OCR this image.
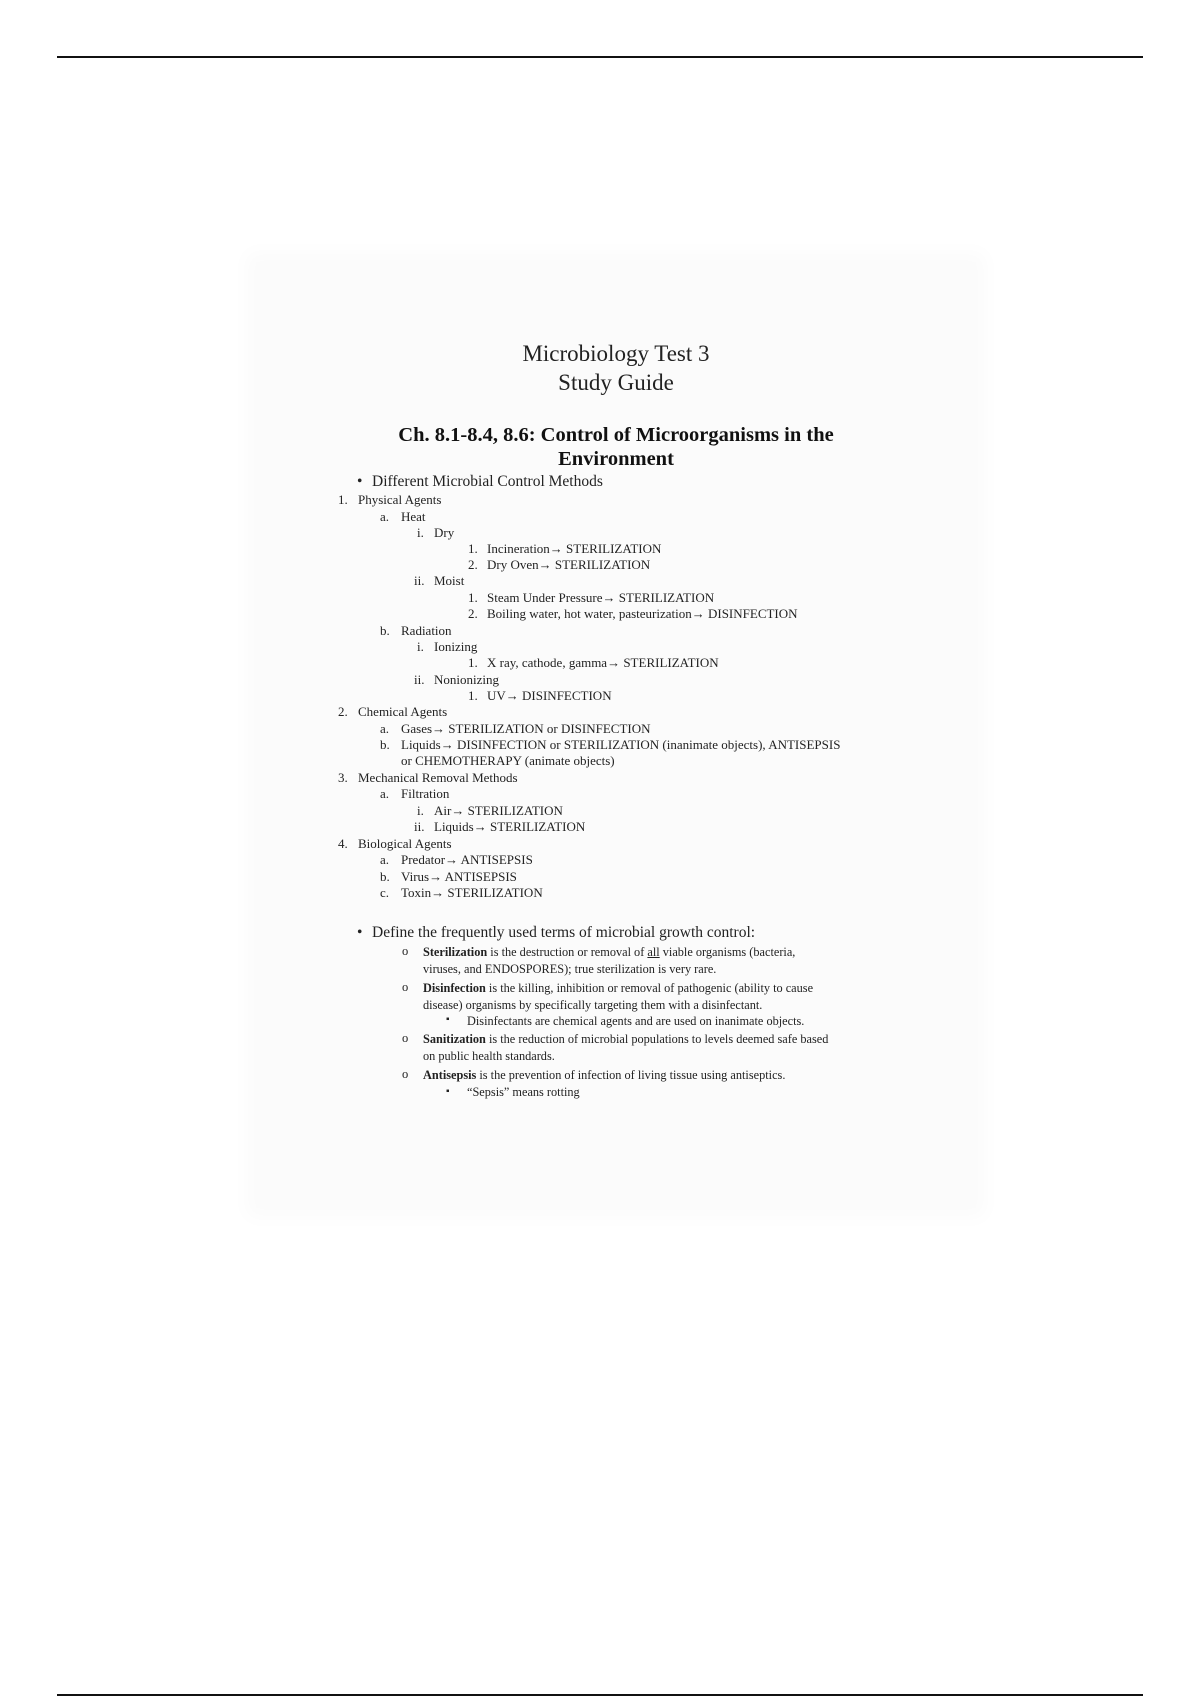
Microbiology Test 3
Study Guide
Ch. 8.1-8.4, 8.6: Control of Microorganisms in the
Environment
• Different Microbial Control Methods
1. Physical Agents
a. Heat
i. Dry
1. Incineration→ STERILIZATION
2. Dry Oven→ STERILIZATION
ii. Moist
1. Steam Under Pressure→ STERILIZATION
2. Boiling water, hot water, pasteurization→ DISINFECTION
b. Radiation
i. Ionizing
1. X ray, cathode, gamma→ STERILIZATION
ii. Nonionizing
1. UV→ DISINFECTION
2. Chemical Agents
a. Gases→ STERILIZATION or DISINFECTION
b. Liquids→ DISINFECTION or STERILIZATION (inanimate objects), ANTISEPSIS
or CHEMOTHERAPY (animate objects)
3. Mechanical Removal Methods
a. Filtration
i. Air→ STERILIZATION
ii. Liquids→ STERILIZATION
4. Biological Agents
a. Predator→ ANTISEPSIS
b. Virus→ ANTISEPSIS
c. Toxin→ STERILIZATION
• Define the frequently used terms of microbial growth control:
o Sterilization is the destruction or removal of all viable organisms (bacteria,
viruses, and ENDOSPORES); true sterilization is very rare.
o Disinfection is the killing, inhibition or removal of pathogenic (ability to cause
disease) organisms by specifically targeting them with a disinfectant.
▪ Disinfectants are chemical agents and are used on inanimate objects.
o Sanitization is the reduction of microbial populations to levels deemed safe based
on public health standards.
o Antisepsis is the prevention of infection of living tissue using antiseptics.
▪ “Sepsis” means rotting
